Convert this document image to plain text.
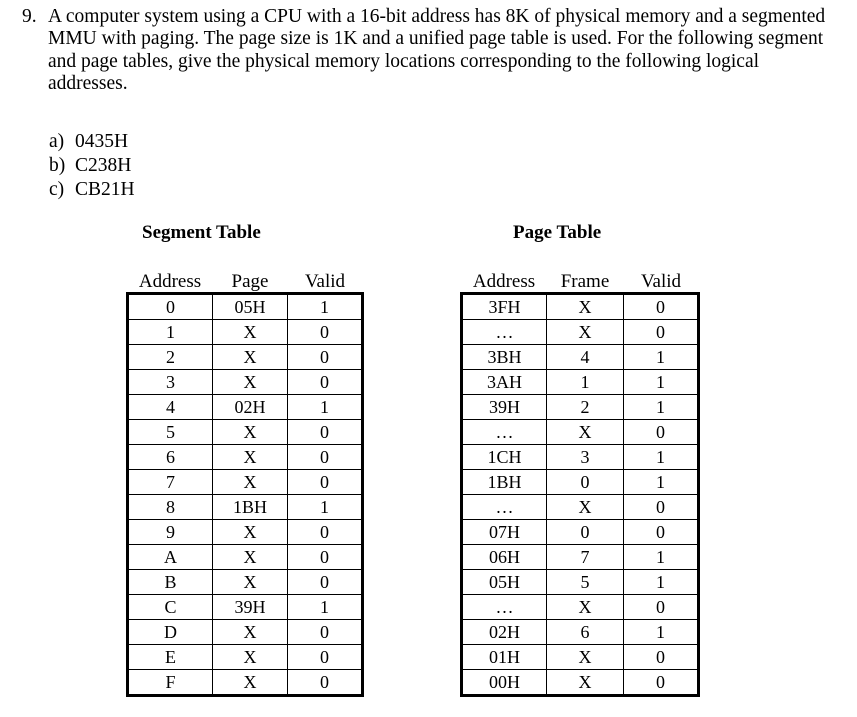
9. A computer system using a CPU with a 16-bit address has 8K of physical memory and a segmented MMU with paging. The page size is 1K and a unified page table is used. For the following segment and page tables, give the physical memory locations corresponding to the following logical addresses.
a) 0435H
b) C238H
c) CB21H
Segment Table	Page Table
Address	Page	Valid
0	05H	1
1	X	0
2	X	0
3	X	0
4	02H	1
5	X	0
6	X	0
7	X	0
8	1BH	1
9	X	0
A	X	0
B	X	0
C	39H	1
D	X	0
E	X	0
F	X	0
Address	Frame	Valid
3FH	X	0
…	X	0
3BH	4	1
3AH	1	1
39H	2	1
…	X	0
1CH	3	1
1BH	0	1
…	X	0
07H	0	0
06H	7	1
05H	5	1
…	X	0
02H	6	1
01H	X	0
00H	X	0
